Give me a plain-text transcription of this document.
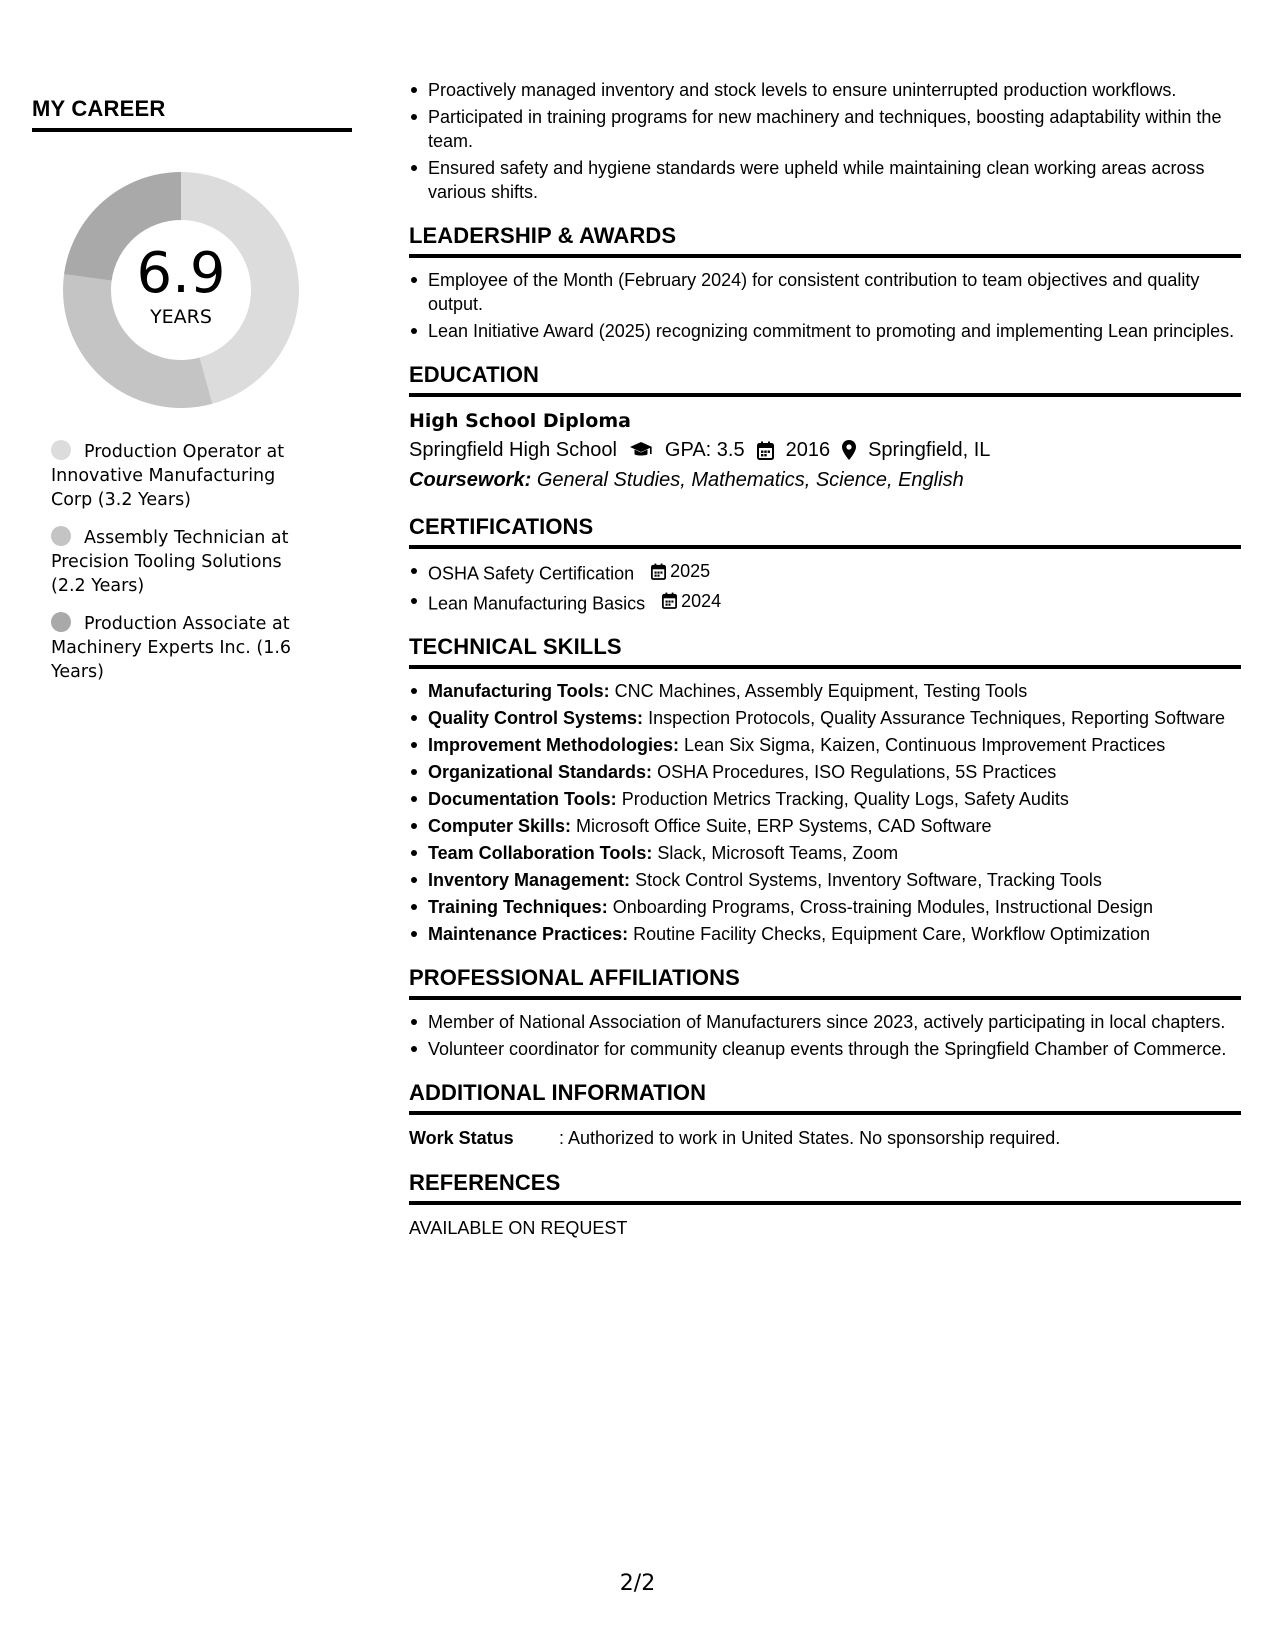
MY CAREER
6.9
YEARS
Production Operator at Innovative Manufacturing Corp (3.2 Years)
Assembly Technician at Precision Tooling Solutions (2.2 Years)
Production Associate at Machinery Experts Inc. (1.6 Years)
Proactively managed inventory and stock levels to ensure uninterrupted production workflows.
Participated in training programs for new machinery and techniques, boosting adaptability within the team.
Ensured safety and hygiene standards were upheld while maintaining clean working areas across various shifts.
LEADERSHIP & AWARDS
Employee of the Month (February 2024) for consistent contribution to team objectives and quality output.
Lean Initiative Award (2025) recognizing commitment to promoting and implementing Lean principles.
EDUCATION
High School Diploma
Springfield High School GPA: 3.5 2016 Springfield, IL
Coursework: General Studies, Mathematics, Science, English
CERTIFICATIONS
OSHA Safety Certification 2025
Lean Manufacturing Basics 2024
TECHNICAL SKILLS
Manufacturing Tools: CNC Machines, Assembly Equipment, Testing Tools
Quality Control Systems: Inspection Protocols, Quality Assurance Techniques, Reporting Software
Improvement Methodologies: Lean Six Sigma, Kaizen, Continuous Improvement Practices
Organizational Standards: OSHA Procedures, ISO Regulations, 5S Practices
Documentation Tools: Production Metrics Tracking, Quality Logs, Safety Audits
Computer Skills: Microsoft Office Suite, ERP Systems, CAD Software
Team Collaboration Tools: Slack, Microsoft Teams, Zoom
Inventory Management: Stock Control Systems, Inventory Software, Tracking Tools
Training Techniques: Onboarding Programs, Cross-training Modules, Instructional Design
Maintenance Practices: Routine Facility Checks, Equipment Care, Workflow Optimization
PROFESSIONAL AFFILIATIONS
Member of National Association of Manufacturers since 2023, actively participating in local chapters.
Volunteer coordinator for community cleanup events through the Springfield Chamber of Commerce.
ADDITIONAL INFORMATION
Work Status	: Authorized to work in United States. No sponsorship required.
REFERENCES
AVAILABLE ON REQUEST
2/2
